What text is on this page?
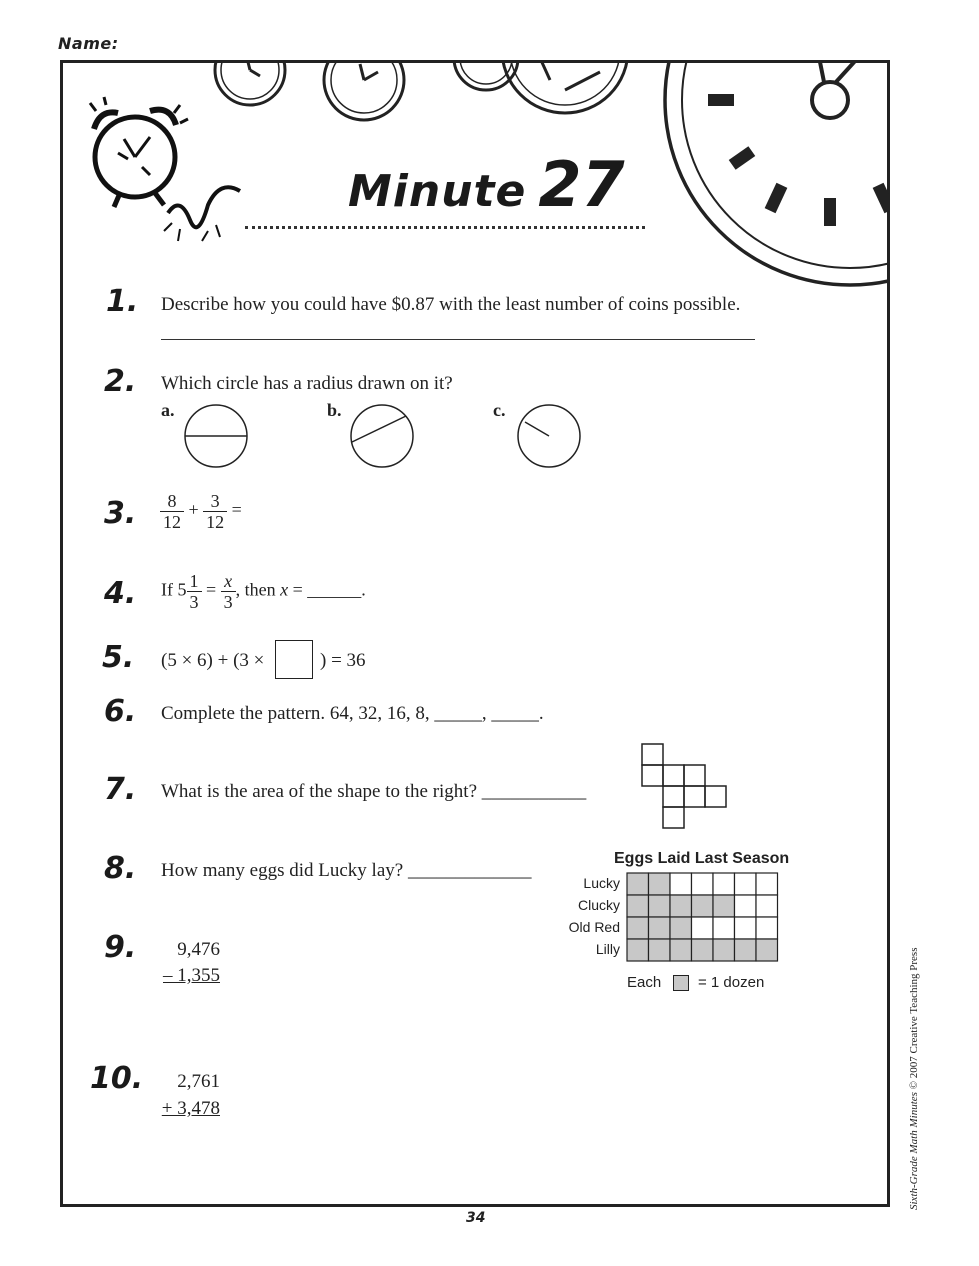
Name:
Minute 27
1.	Describe how you could have $0.87 with the least number of coins possible.
2.	Which circle has a radius drawn on it?
a.	b.	c.
3.	$\frac{8}{12} + \frac{3}{12}$ =
4.	If $5 \frac{1}{3} = \frac{x}{3}$ , then x = ______.
5.	(5 × 6) + (3 ×	) = 36
6.	Complete the pattern. 64, 32, 16, 8, _____, _____.
7.	What is the area of the shape to the right? ___________
8.	How many eggs did Lucky lay? _____________
Eggs Laid Last Season
Lucky
Clucky
Old Red
Lilly
Each = 1 dozen
9.	9,476
– 1,355
10.	2,761
+ 3,478
34
Sixth-Grade Math Minutes © 2007 Creative Teaching Press
